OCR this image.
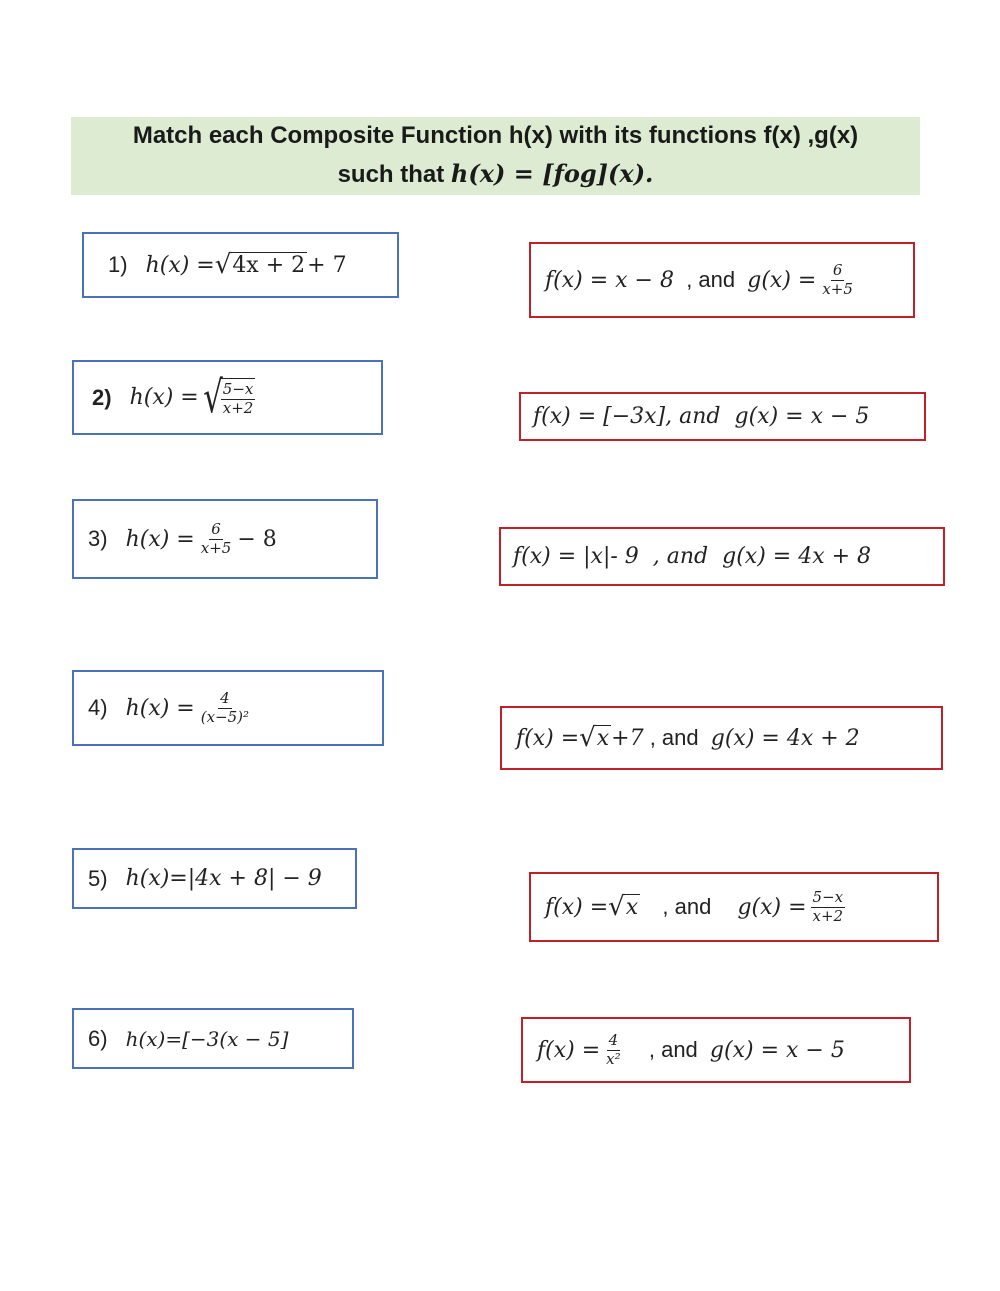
Match each Composite Function h(x) with its functions f(x) ,g(x)
such that h(x) = [fog](x).
1) h(x) = √ 4x + 2 + 7
2) h(x) = √
$\frac{5-x}{x+2}$
3) $h(x) = \frac{6}{x+5} - 8$
4) $h(x) = \frac{4}{\text{(x−5)²}}$
5) h(x)=|4x + 8| − 9
6) h(x)=[−3(x − 5]
f(x) = x − 8 , and $g(x) = \frac{6}{x+5}$
f(x) = [−3x], and g(x) = x − 5
f(x) = |x|- 9 , and g(x) = 4x + 8
f(x) = √ x +7 , and g(x) = 4x + 2
f(x) = √ x , and $g(x) = \frac{5-x}{x+2}$
$f(x) = \frac{4}{\text{x²}}$ , and g(x) = x − 5
